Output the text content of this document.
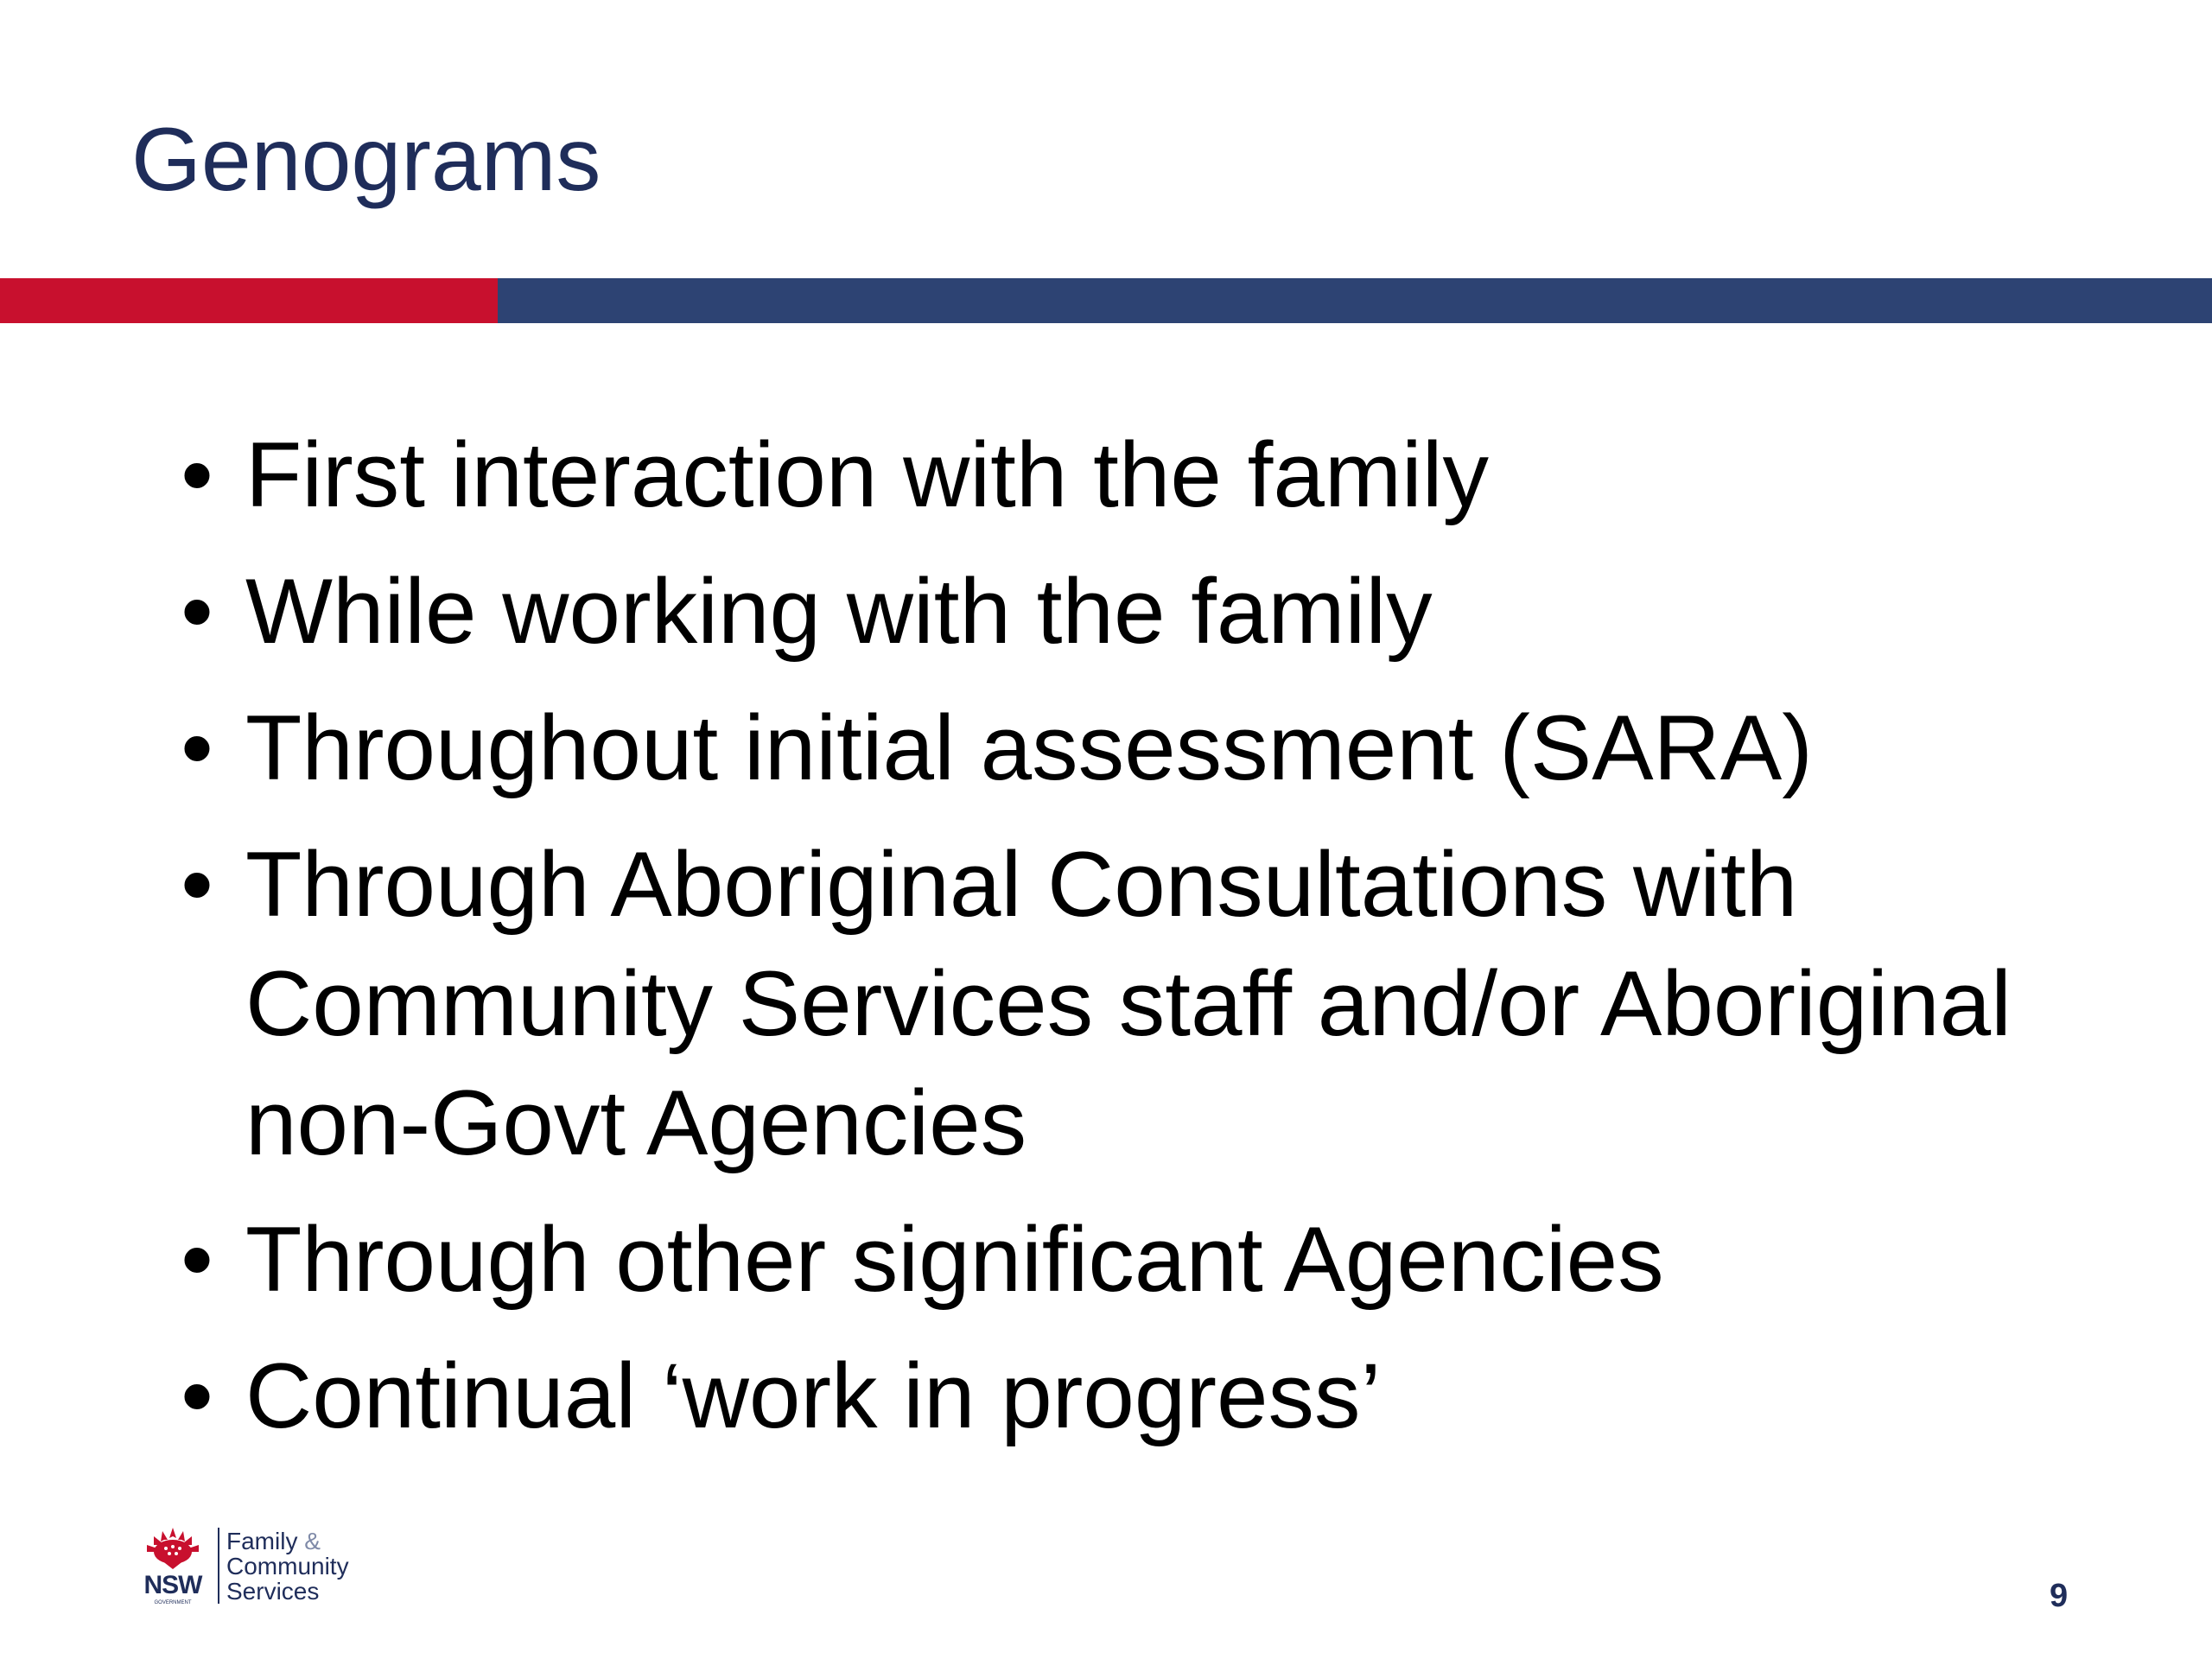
Genograms
• First interaction with the family
• While working with the family
• Throughout initial assessment (SARA)
• Through Aboriginal Consultations with Community Services staff and/or Aboriginal non-Govt Agencies
• Through other significant Agencies
• Continual ‘work in progress’
NSW
GOVERNMENT
Family &
Community
Services	9
